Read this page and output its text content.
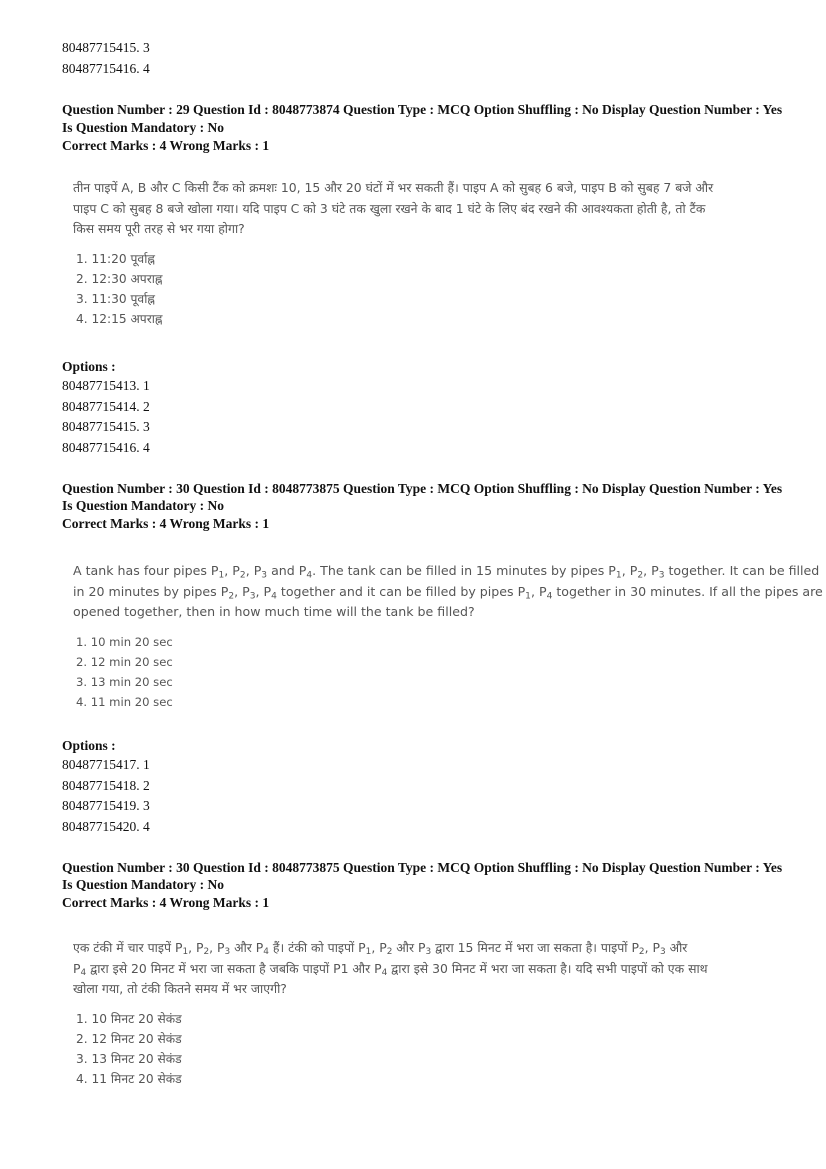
80487715415. 3
80487715416. 4
Question Number : 29 Question Id : 8048773874 Question Type : MCQ Option Shuffling : No Display Question Number : Yes
Is Question Mandatory : No
Correct Marks : 4 Wrong Marks : 1
तीन पाइपें A, B और C किसी टैंक को क्रमशः 10, 15 और 20 घंटों में भर सकती हैं। पाइप A को सुबह 6 बजे, पाइप B को सुबह 7 बजे और
पाइप C को सुबह 8 बजे खोला गया। यदि पाइप C को 3 घंटे तक खुला रखने के बाद 1 घंटे के लिए बंद रखने की आवश्यकता होती है, तो टैंक
किस समय पूरी तरह से भर गया होगा?
1. 11:20 पूर्वाह्न
2. 12:30 अपराह्न
3. 11:30 पूर्वाह्न
4. 12:15 अपराह्न
Options :
80487715413. 1
80487715414. 2
80487715415. 3
80487715416. 4
Question Number : 30 Question Id : 8048773875 Question Type : MCQ Option Shuffling : No Display Question Number : Yes
Is Question Mandatory : No
Correct Marks : 4 Wrong Marks : 1
A tank has four pipes $P_1$, $P_2$, $P_3$ and $P_4$. The tank can be filled in 15 minutes by pipes $P_1$, $P_2$, $P_3$ together. It can be filled
in 20 minutes by pipes $P_2$, $P_3$, $P_4$ together and it can be filled by pipes $P_1$, $P_4$ together in 30 minutes. If all the pipes are
opened together, then in how much time will the tank be filled?
1. 10 min 20 sec
2. 12 min 20 sec
3. 13 min 20 sec
4. 11 min 20 sec
Options :
80487715417. 1
80487715418. 2
80487715419. 3
80487715420. 4
Question Number : 30 Question Id : 8048773875 Question Type : MCQ Option Shuffling : No Display Question Number : Yes
Is Question Mandatory : No
Correct Marks : 4 Wrong Marks : 1
एक टंकी में चार पाइपें $P_1$, $P_2$, $P_3$ और $P_4$ हैं। टंकी को पाइपों $P_1$, $P_2$ और $P_3$ द्वारा 15 मिनट में भरा जा सकता है। पाइपों $P_2$, $P_3$ और
$P_4$ द्वारा इसे 20 मिनट में भरा जा सकता है जबकि पाइपों P1 और $P_4$ द्वारा इसे 30 मिनट में भरा जा सकता है। यदि सभी पाइपों को एक साथ
खोला गया, तो टंकी कितने समय में भर जाएगी?
1. 10 मिनट 20 सेकंड
2. 12 मिनट 20 सेकंड
3. 13 मिनट 20 सेकंड
4. 11 मिनट 20 सेकंड
